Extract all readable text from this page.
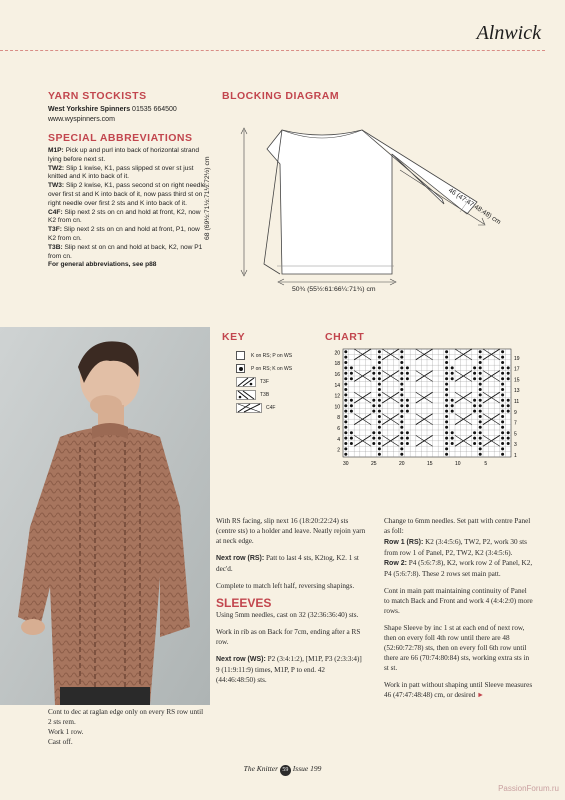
Alnwick
YARN STOCKISTS
West Yorkshire Spinners 01535 664500
www.wyspinners.com
SPECIAL ABBREVIATIONS
M1P: Pick up and purl into back of horizontal strand lying before next st.
TW2: Slip 1 kwise, K1, pass slipped st over st just knitted and K into back of it.
TW3: Slip 2 kwise, K1, pass second st on right needle over first st and K into back of it, now pass third st on right needle over first 2 sts and K into back of it.
C4F: Slip next 2 sts on cn and hold at front, K2, now K2 from cn.
T3F: Slip next 2 sts on cn and hold at front, P1, now K2 from cn.
T3B: Slip next st on cn and hold at back, K2, now P1 from cn.
For general abbreviations, see p88
BLOCKING DIAGRAM
68 (69½:71½:71½:72½) cm	46 (47:47:48:48) cm
50¾ (55½:61:66¼:71¾) cm
KEY
K on RS; P on WS
P on RS; K on WS
T3F
T3B
C4F
CHART
20
18
16
14
12
10
8
6
4
2
19
17
15
13
11
9
7
5
3
1
30	25	20	15	10	5

With RS facing, slip next 16 (18:20:22:24) sts (centre sts) to a holder and leave. Neatly rejoin yarn at neck edge.

Next row (RS): Patt to last 4 sts, K2tog, K2. 1 st dec'd.

Complete to match left half, reversing shapings.

SLEEVES

Using 5mm needles, cast on 32 (32:36:36:40) sts.

Work in rib as on Back for 7cm, ending after a RS row.

Next row (WS): P2 (3:4:1:2), [M1P, P3 (2:3:3:4)] 9 (11:9:11:9) times, M1P, P to end. 42 (44:46:48:50) sts.

Change to 6mm needles. Set patt with centre Panel as foll:

Row 1 (RS): K2 (3:4:5:6), TW2, P2, work 30 sts from row 1 of Panel, P2, TW2, K2 (3:4:5:6).
Row 2: P4 (5:6:7:8), K2, work row 2 of Panel, K2, P4 (5:6:7:8). These 2 rows set main patt.

Cont in main patt maintaining continuity of Panel to match Back and Front and work 4 (4:4:2:0) more rows.

Shape Sleeve by inc 1 st at each end of next row, then on every foll 4th row until there are 48 (52:60:72:78) sts, then on every foll 6th row until there are 66 (70:74:80:84) sts, working extra sts in st st.

Work in patt without shaping until Sleeve measures 46 (47:47:48:48) cm, or desired ►

Cont to dec at raglan edge only on every RS row until 2 sts rem.
Work 1 row.
Cast off.
The Knitter 59 Issue 199
PassionForum.ru
